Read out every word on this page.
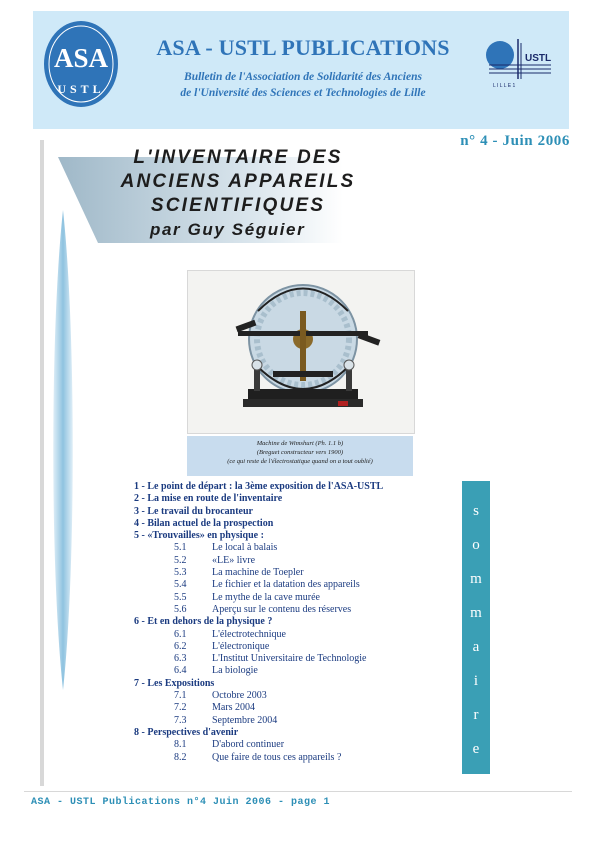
ASA
USTL
ASA - USTL PUBLICATIONS
Bulletin de l'Association de Solidarité des Anciens
de l'Université des Sciences et Technologies de Lille
USTL
L I L L E 1
n° 4 - Juin 2006
L'INVENTAIRE DES
ANCIENS APPAREILS
SCIENTIFIQUES
par Guy Séguier
Machine de Wimshurt (Ph. 1.1 b)
(Breguet constructeur vers 1900)
(ce qui reste de l'électrostatique quand on a tout oublié)
1 - Le point de départ : la 3ème exposition de l'ASA-USTL
2 - La mise en route de l'inventaire
3 - Le travail du brocanteur
4 - Bilan actuel de la prospection
5 - «Trouvailles» en physique :
5.1	Le local à balais
5.2	«LE» livre
5.3	La machine de Toepler
5.4	Le fichier et la datation des appareils
5.5	Le mythe de la cave murée
5.6	Aperçu sur le contenu des réserves
6 - Et en dehors de la physique ?
6.1	L'électrotechnique
6.2	L'électronique
6.3	L'Institut Universitaire de Technologie
6.4	La biologie
7 - Les Expositions
7.1	Octobre 2003
7.2	Mars 2004
7.3	Septembre 2004
8 - Perspectives d'avenir
8.1	D'abord continuer
8.2	Que faire de tous ces appareils ?
s
o
m
m
a
i
r
e
ASA - USTL Publications n°4 Juin 2006 - page 1
